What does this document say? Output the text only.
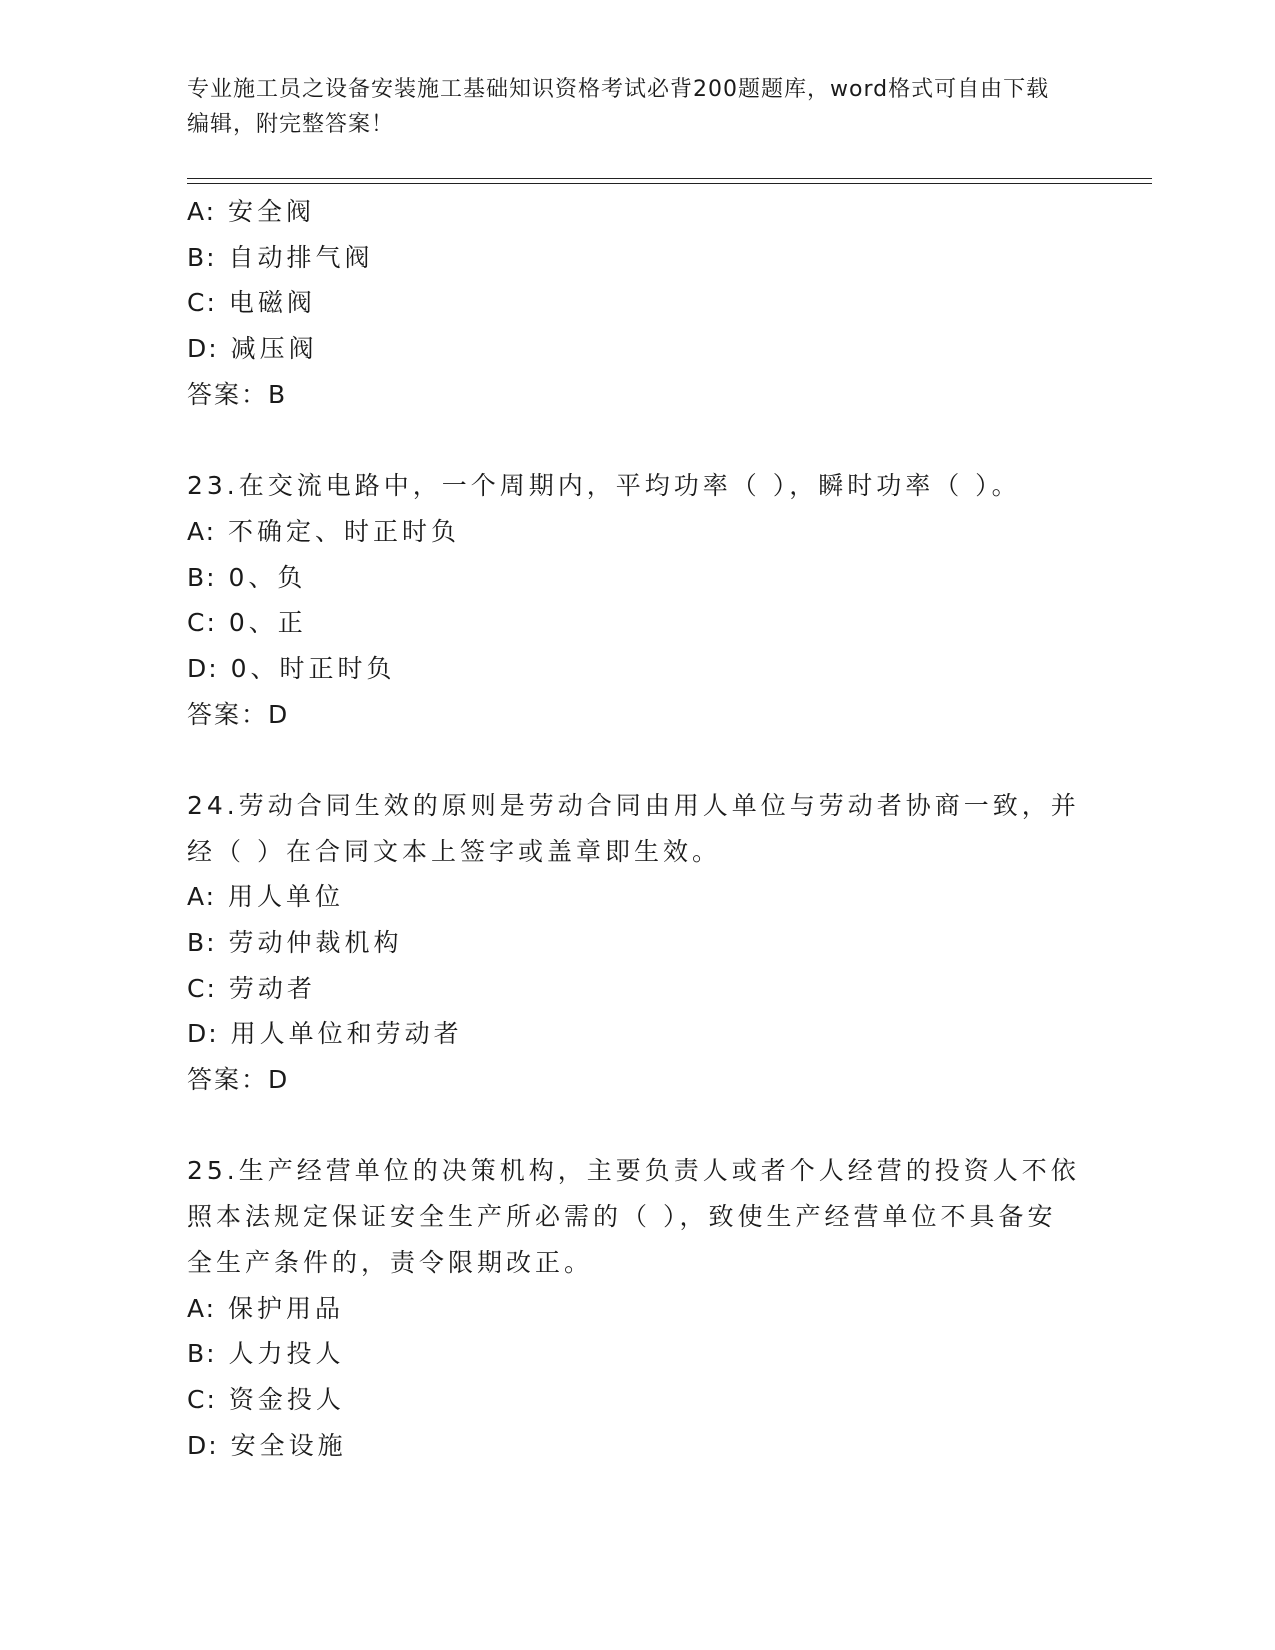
专业施工员之设备安装施工基础知识资格考试必背200题题库，word格式可自由下载编辑，附完整答案！
A: 安全阀
B: 自动排气阀
C: 电磁阀
D: 减压阀
答案：B
23.在交流电路中，一个周期内，平均功率（ ），瞬时功率（ ）。
A: 不确定、时正时负
B: 0、负
C: 0、正
D: 0、时正时负
答案：D
24.劳动合同生效的原则是劳动合同由用人单位与劳动者协商一致，并
经（ ）在合同文本上签字或盖章即生效。
A: 用人单位
B: 劳动仲裁机构
C: 劳动者
D: 用人单位和劳动者
答案：D
25.生产经营单位的决策机构，主要负责人或者个人经营的投资人不依
照本法规定保证安全生产所必需的（ ），致使生产经营单位不具备安
全生产条件的，责令限期改正。
A: 保护用品
B: 人力投人
C: 资金投人
D: 安全设施
